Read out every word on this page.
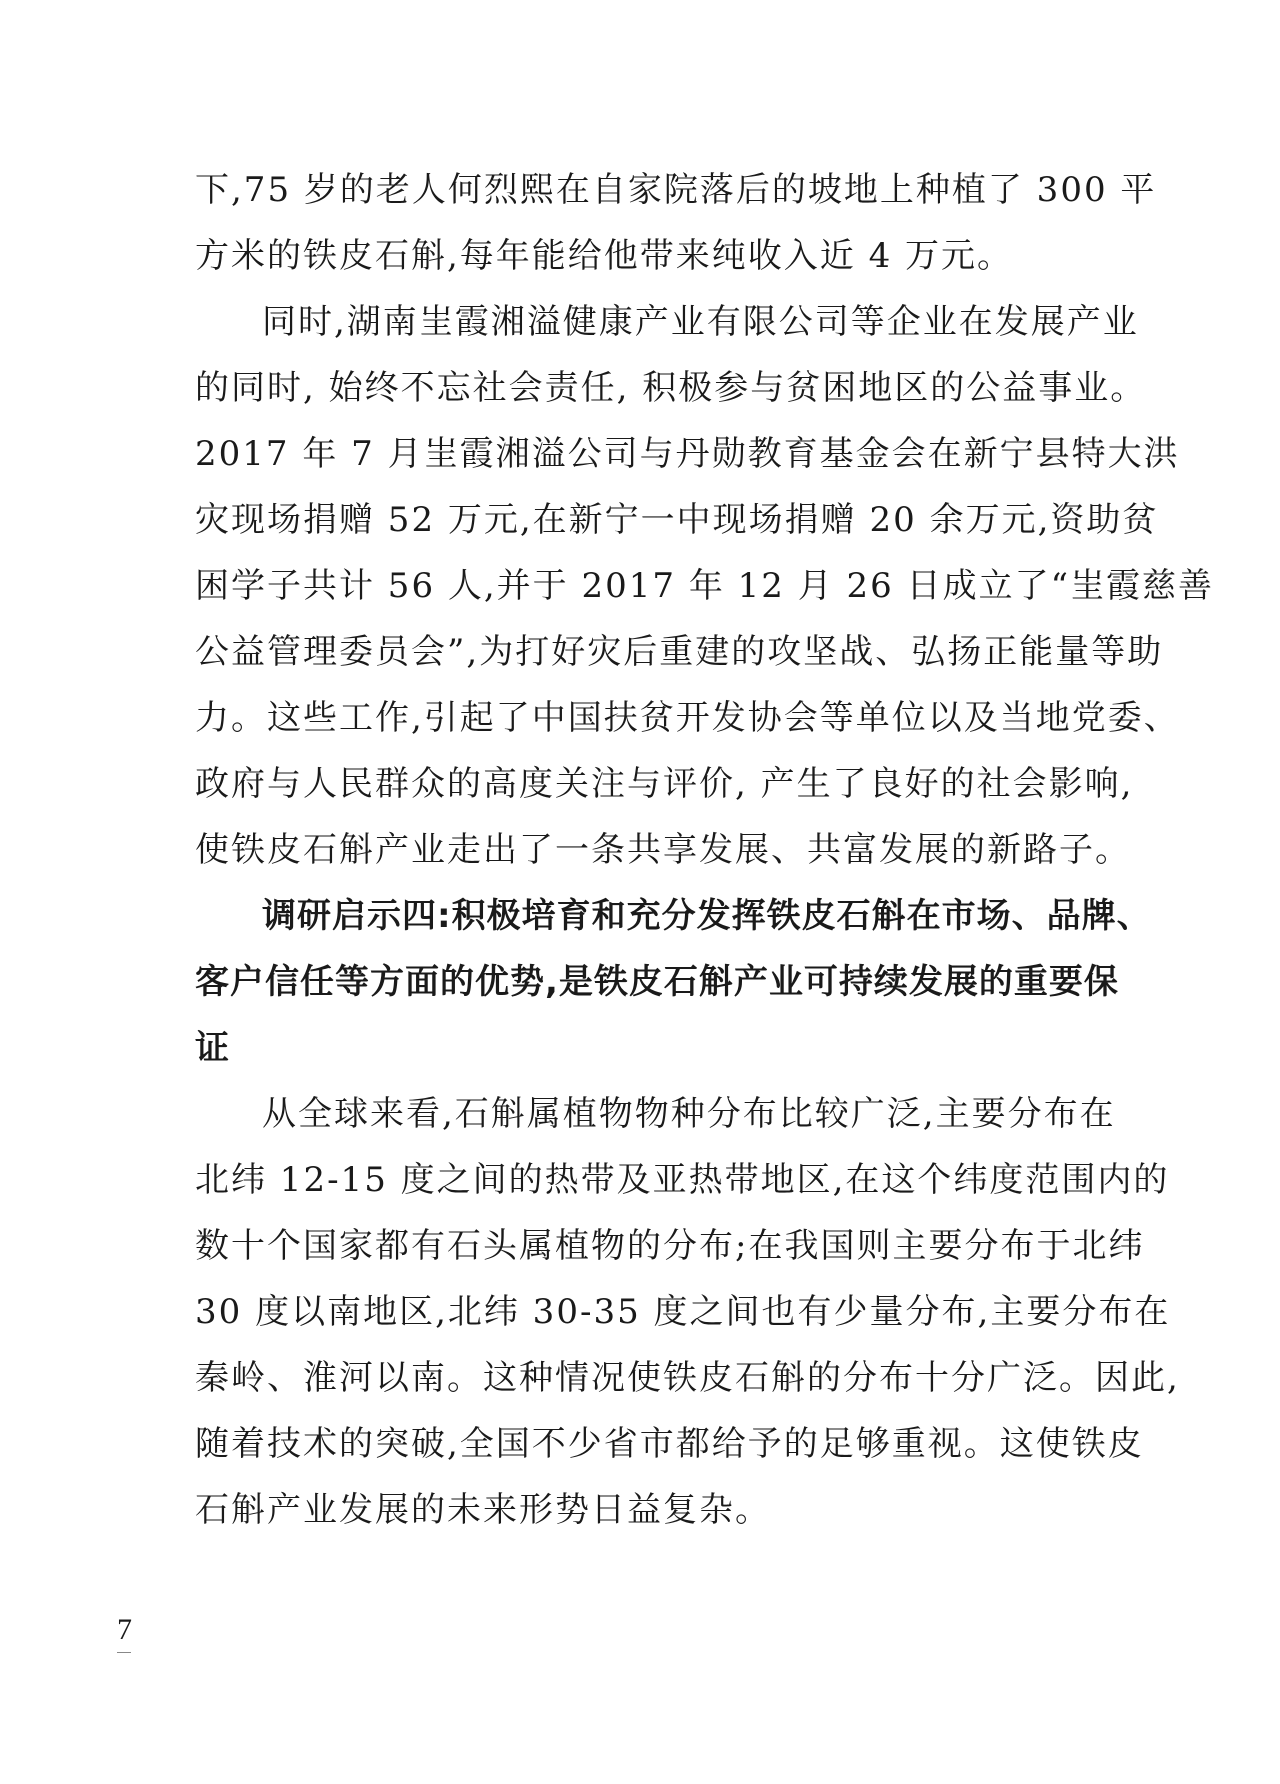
下,75 岁的老人何烈熙在自家院落后的坡地上种植了 300 平
方米的铁皮石斛,每年能给他带来纯收入近 4 万元。
同时,湖南㞷霞湘溢健康产业有限公司等企业在发展产业
的同时, 始终不忘社会责任, 积极参与贫困地区的公益事业。
2017 年 7 月㞷霞湘溢公司与丹勋教育基金会在新宁县特大洪
灾现场捐赠 52 万元,在新宁一中现场捐赠 20 余万元,资助贫
困学子共计 56 人,并于 2017 年 12 月 26 日成立了“㞷霞慈善
公益管理委员会”,为打好灾后重建的攻坚战、弘扬正能量等助
力。这些工作,引起了中国扶贫开发协会等单位以及当地党委、
政府与人民群众的高度关注与评价, 产生了良好的社会影响,
使铁皮石斛产业走出了一条共享发展、共富发展的新路子。
调研启示四:积极培育和充分发挥铁皮石斛在市场、品牌、
客户信任等方面的优势,是铁皮石斛产业可持续发展的重要保
证
从全球来看,石斛属植物物种分布比较广泛,主要分布在
北纬 12-15 度之间的热带及亚热带地区,在这个纬度范围内的
数十个国家都有石头属植物的分布;在我国则主要分布于北纬
30 度以南地区,北纬 30-35 度之间也有少量分布,主要分布在
秦岭、淮河以南。这种情况使铁皮石斛的分布十分广泛。因此,
随着技术的突破,全国不少省市都给予的足够重视。这使铁皮
石斛产业发展的未来形势日益复杂。
7
